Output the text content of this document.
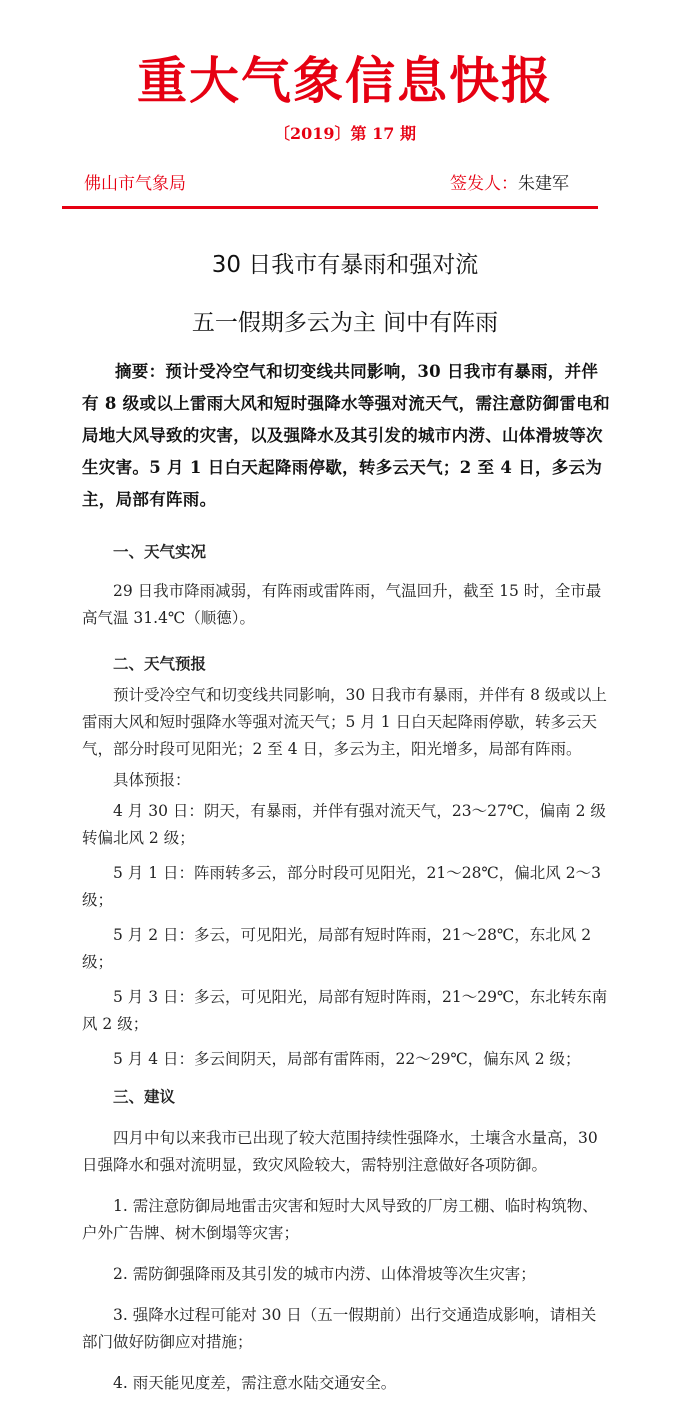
重大气象信息快报
〔2019〕第 17 期
佛山市气象局	签发人：朱建军
30 日我市有暴雨和强对流
五一假期多云为主 间中有阵雨

摘要：预计受冷空气和切变线共同影响，30 日我市有暴雨，并伴有 8 级或以上雷雨大风和短时强降水等强对流天气，需注意防御雷电和局地大风导致的灾害，以及强降水及其引发的城市内涝、山体滑坡等次生灾害。5 月 1 日白天起降雨停歇，转多云天气；2 至 4 日，多云为主，局部有阵雨。

一、天气实况

29 日我市降雨减弱，有阵雨或雷阵雨，气温回升，截至 15 时，全市最高气温 31.4℃（顺德）。

二、天气预报

预计受冷空气和切变线共同影响，30 日我市有暴雨，并伴有 8 级或以上雷雨大风和短时强降水等强对流天气；5 月 1 日白天起降雨停歇，转多云天气，部分时段可见阳光；2 至 4 日，多云为主，阳光增多，局部有阵雨。

具体预报：

4 月 30 日：阴天，有暴雨，并伴有强对流天气，23～27℃，偏南 2 级转偏北风 2 级；

5 月 1 日：阵雨转多云，部分时段可见阳光，21～28℃，偏北风 2～3 级；

5 月 2 日：多云，可见阳光，局部有短时阵雨，21～28℃，东北风 2 级；

5 月 3 日：多云，可见阳光，局部有短时阵雨，21～29℃，东北转东南风 2 级；

5 月 4 日：多云间阴天，局部有雷阵雨，22～29℃，偏东风 2 级；

三、建议

四月中旬以来我市已出现了较大范围持续性强降水，土壤含水量高，30 日强降水和强对流明显，致灾风险较大，需特别注意做好各项防御。

1. 需注意防御局地雷击灾害和短时大风导致的厂房工棚、临时构筑物、户外广告牌、树木倒塌等灾害；

2. 需防御强降雨及其引发的城市内涝、山体滑坡等次生灾害；

3. 强降水过程可能对 30 日（五一假期前）出行交通造成影响，请相关部门做好防御应对措施；

4. 雨天能见度差，需注意水陆交通安全。
